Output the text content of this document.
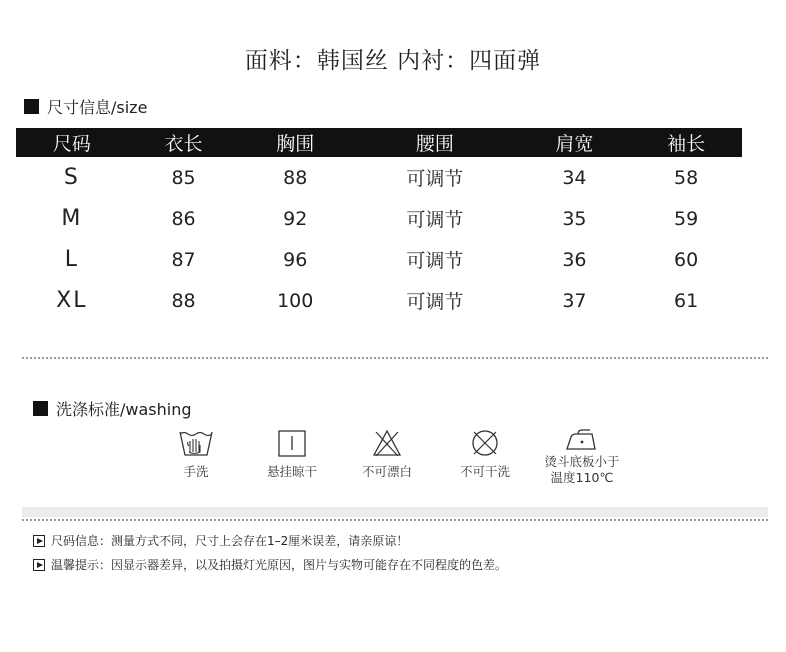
面料：韩国丝 内衬：四面弹
尺寸信息/size
尺码	衣长	胸围	腰围	肩宽	袖长
S	85	88	可调节	34	58
M	86	92	可调节	35	59
L	87	96	可调节	36	60
XL	88	100	可调节	37	61
洗涤标准/washing
手洗	悬挂晾干	不可漂白	不可干洗
烫斗底板小于
温度110℃
尺码信息：测量方式不同，尺寸上会存在1–2厘米误差，请亲原谅！
温馨提示：因显示器差异，以及拍摄灯光原因，图片与实物可能存在不同程度的色差。
